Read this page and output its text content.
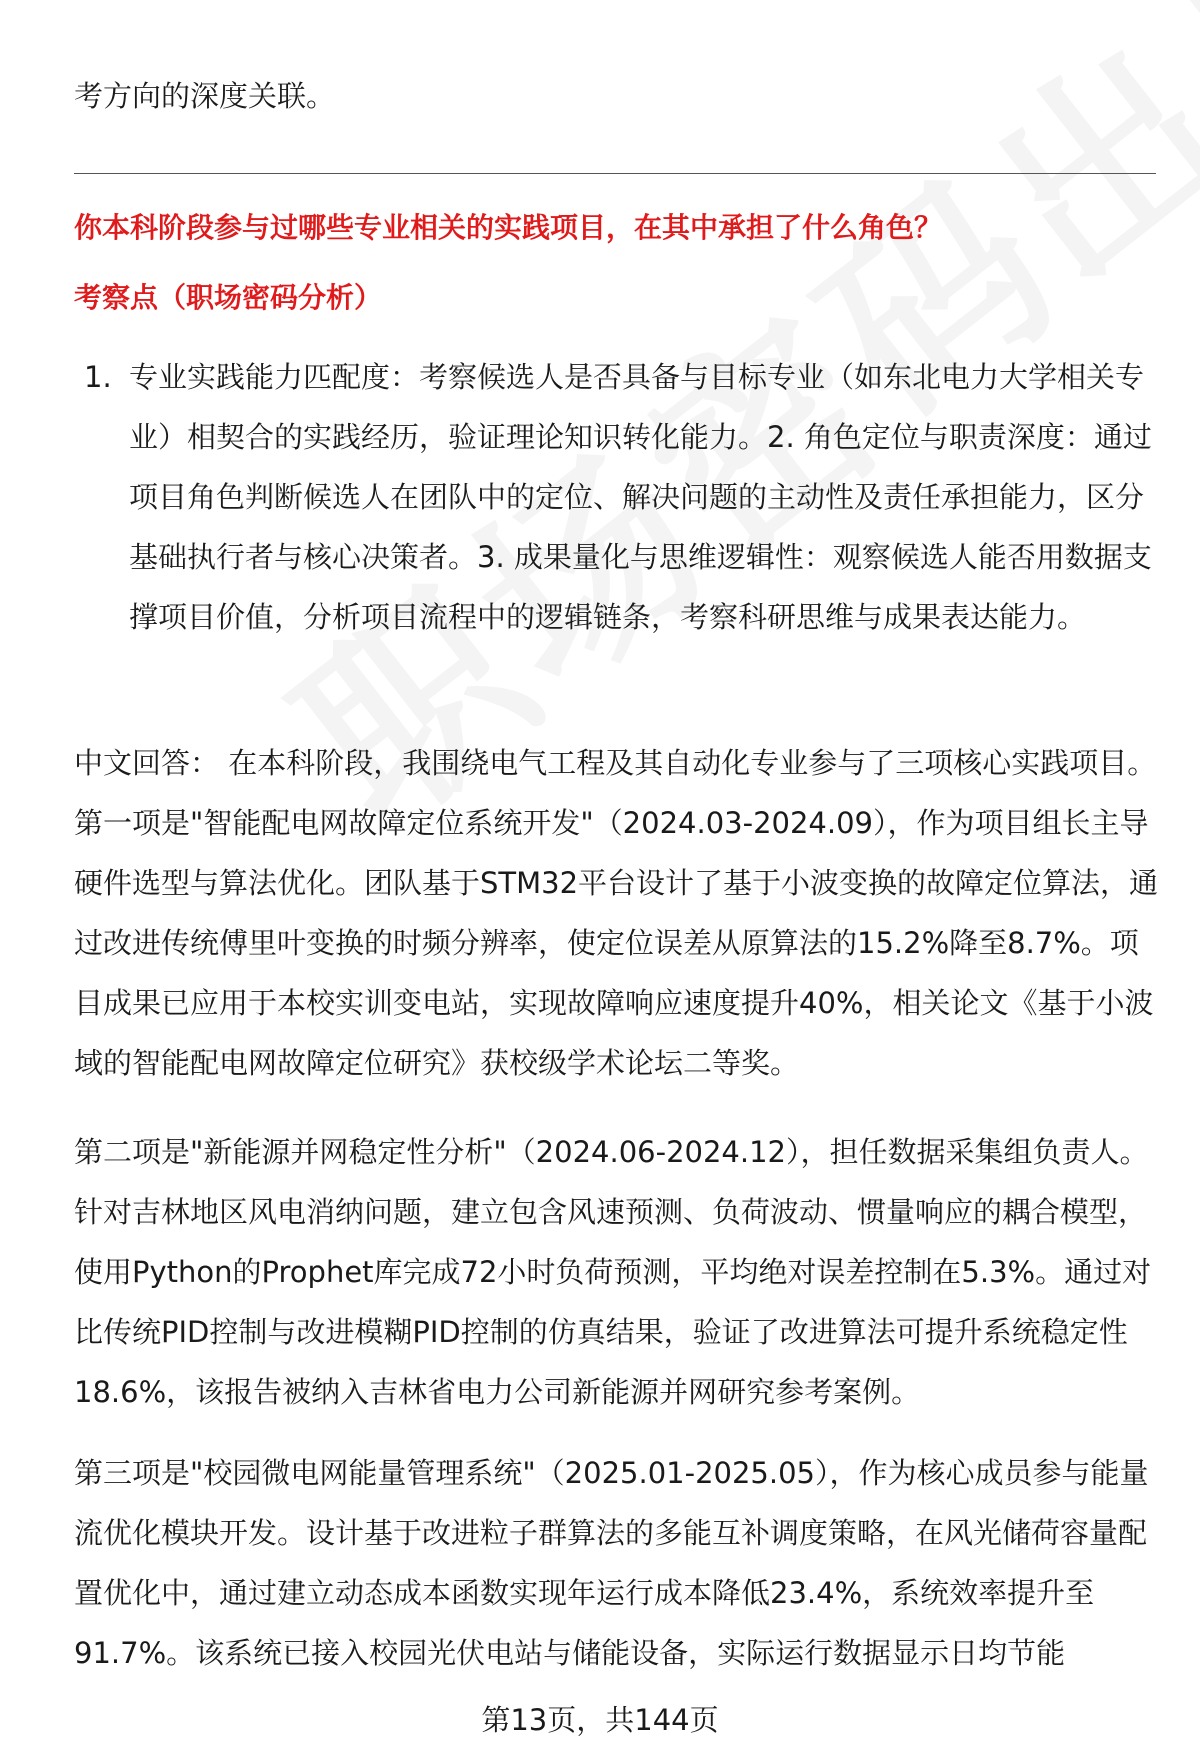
考方向的深度关联。

你本科阶段参与过哪些专业相关的实践项目，在其中承担了什么角色？

考察点（职场密码分析）

1. 专业实践能力匹配度：考察候选人是否具备与目标专业（如东北电力大学相关专业）相契合的实践经历，验证理论知识转化能力。2. 角色定位与职责深度：通过项目角色判断候选人在团队中的定位、解决问题的主动性及责任承担能力，区分基础执行者与核心决策者。3. 成果量化与思维逻辑性：观察候选人能否用数据支撑项目价值，分析项目流程中的逻辑链条，考察科研思维与成果表达能力。

中文回答： 在本科阶段，我围绕电气工程及其自动化专业参与了三项核心实践项目。第一项是"智能配电网故障定位系统开发"（2024.03-2024.09），作为项目组长主导硬件选型与算法优化。团队基于STM32平台设计了基于小波变换的故障定位算法，通过改进传统傅里叶变换的时频分辨率，使定位误差从原算法的15.2%降至8.7%。项目成果已应用于本校实训变电站，实现故障响应速度提升40%，相关论文《基于小波域的智能配电网故障定位研究》获校级学术论坛二等奖。

第二项是"新能源并网稳定性分析"（2024.06-2024.12），担任数据采集组负责人。针对吉林地区风电消纳问题，建立包含风速预测、负荷波动、惯量响应的耦合模型，使用Python的Prophet库完成72小时负荷预测，平均绝对误差控制在5.3%。通过对比传统PID控制与改进模糊PID控制的仿真结果，验证了改进算法可提升系统稳定性18.6%，该报告被纳入吉林省电力公司新能源并网研究参考案例。

第三项是"校园微电网能量管理系统"（2025.01-2025.05），作为核心成员参与能量流优化模块开发。设计基于改进粒子群算法的多能互补调度策略，在风光储荷容量配置优化中，通过建立动态成本函数实现年运行成本降低23.4%，系统效率提升至91.7%。该系统已接入校园光伏电站与储能设备，实际运行数据显示日均节能

第13页，共144页
